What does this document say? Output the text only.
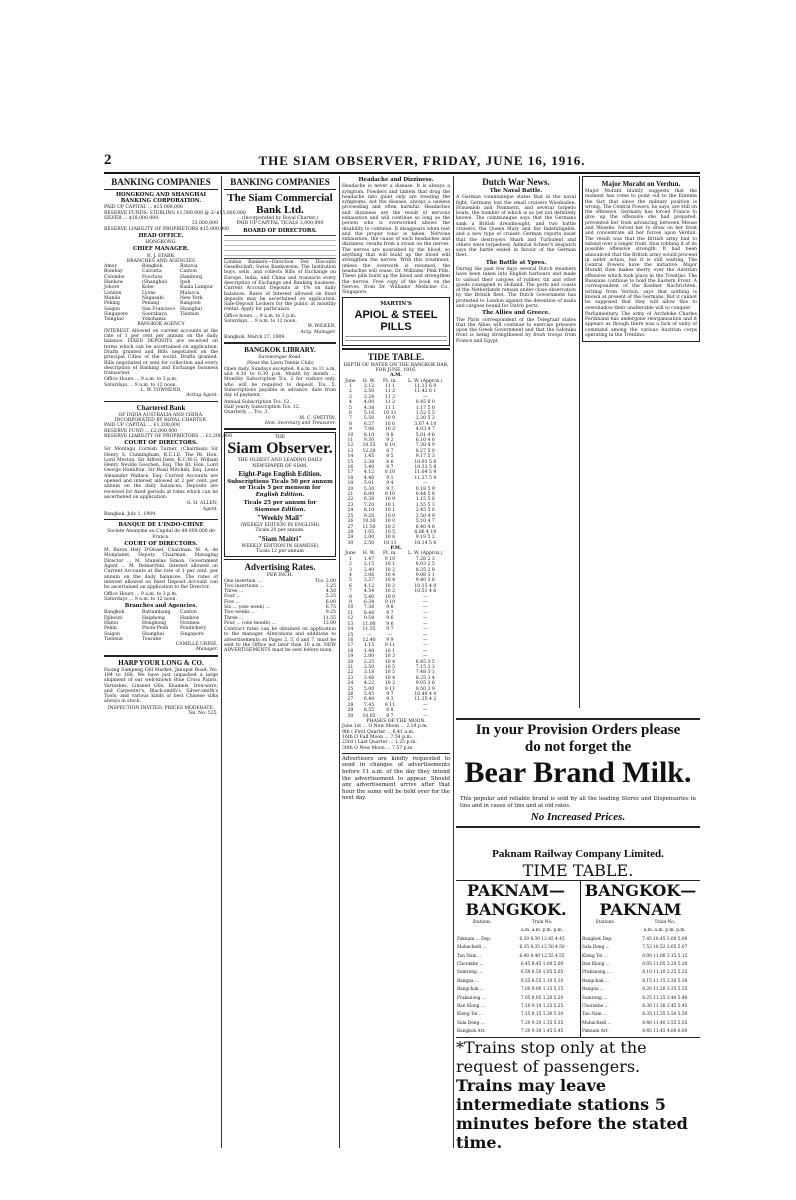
2	THE SIAM OBSERVER, FRIDAY, JUNE 16, 1916.
BANKING COMPANIES
HONGKONG AND SHANGHAI BANKING CORPORATION.
PAID UP CAPITAL ... $15,000,000
RESERVE FUNDS: STERLING £1,500,000 @ 2/-$15,000,000
SILVER ... $18,000,000
33,000,000
RESERVE LIABILITY OF PROPRIETORS $15,000,000
HEAD OFFICE.
HONGKONG.
CHIEF MANAGER.
N. J. STABB.
BRANCHES AND AGENCIES
Amoy	Bangkok	Batavia
Bombay	Calcutta	Canton
Colombo	Foochow	Hamburg
Hankow	(Shanghai)	Ipoh
Johore	Kobe	Kuala Lumpur
London	Lyons	Malacca
Manila	Nagasaki	New York
Peking	Penang	Rangoon
Saigon	San Francisco	Shanghai
Singapore	Sourabaya	Tientsin
Tsingtao	Yokohama
BANGKOK AGENCY
INTEREST Allowed on current accounts at the rate of 1 per cent per annum on the daily balance. FIXED DEPOSITS are received on terms which can be ascertained on application. Drafts granted and Bills negotiated on the principal Cities of the world. Drafts granted. Bills negotiated or sent for collection and every description of Banking and Exchange business transacted.
Office Hours ... 9 a.m. to 3 p.m.
Saturdays ... 9 a.m. to 12 noon.
L. W. TOWNEND,
Acting Agent.
Chartered Bank
OF INDIA AUSTRALIA AND CHINA.
INCORPORATED BY ROYAL CHARTER.
PAID UP CAPITAL ... £1,200,000
RESERVE FUND ... £2,000,000
RESERVE LIABILITY OF PROPRIETORS ... £1,200,000
COURT OF DIRECTORS.
Sir Montagu Cornish Turner, (Chairman) Sir Henry S. Cunningham, K.C.I.E. The Rt. Hon. Lord Meston. Sir Alfred Dent, K.C.M.G. William Henry Neville Goschen, Esq. The Rt. Hon. Lord George Hamilton. Sir Basil Mitchell, Esq. Lewis Alexander Wallace, Esq. Current Accounts are opened and interest allowed at 2 per cent. per annum on the daily balances. Deposits are received for fixed periods at rates which can be ascertained on application.
G. H. ALLEN,
Agent.
Bangkok, July 1, 1909.
BANQUE DE L'INDO-CHINE
Societe Anonyme au Capital de 48.000.000 de Francs.
COURT OF DIRECTORS.
M. Baron Hely D'Oissel, Chairman. M. A. de Monplanet, Deputy Chairman. Managing Director ... M. Stanislas Simon. Government Agent ... M. Demarrtini. Interest allowed on Current Accounts at the rate of 1 per cent. per annum on the daily balances. The rates of interest allowed on fixed Deposit Account can be ascertained on application to the Director.
Office Hours ... 9 a.m. to 3 p.m.
Saturdays ... 9 a.m. to 12 noon.
Branches and Agencies.
Bangkok	Battambang	Canton
Djibouti	Haiphong	Hankow
Hanoi	Hongkong	Noumea
Pekin	Pnom-Penh	Pondichery
Saigon	Shanghai	Singapore
Tientsin	Tourane
CAMILLE URINE,
Manager.
HARP YOUR LONG & CO.
Facing Sampeng Old Market, Janupat Road, No. 184 to 188. We have just unpacked a large shipment of our well-known Blue Cross Paints, Varnishes, Linseed Oils, Enamels, Iron-ware, and Carpenter's, Black-smith's, Silver-smith's Tools, and various kinds of best Chinese silks always in stock.
INSPECTION INVITED. PRICES MODERATE.
Tel. No. 535.
BANKING COMPANIES
The Siam Commercial Bank Ltd.
(Incorporated by Royal Charter.)
PAID UP CAPITAL TICALS 3,000,000
BOARD OF DIRECTORS.
London Bankers—Direction Der Disconto Gesellschaft, Swiss Bankverein. The Institution buys, sells, and collects Bills of Exchange on Europe, India, and China and transacts every description of Exchange and Banking business. Current Account Deposits at 1% on daily balances. Rates of Interest allowed on fixed deposits may be ascertained on application. Safe-Deposit Lockers for the public at monthly rental. Apply for particulars.
Office hours ... 9 a.m. to 3 p.m.
Saturdays ... 9 a.m. to 12 noon.
W. WILKEN,
Actg. Manager.
Bangkok, March 27, 1909.
BANGKOK LIBRARY.
Surawongse Road.
(Near the Lawn Tennis Club)
Open daily, Sundays excepted, 8 a.m. to 11 a.m. and 4.30 to 6.30 p.m. Month by month ... Monthly Subscription Tcs. 2 for visitors only, who will be required to deposit Tcs. 5. Subscriptions payable in advance, date from day of payment.
Annual Subscription Tcs. 12.
Half yearly Subscription Tcs. 12.
Quarterly ... Tcs. 3.
M. C. SMITTIN,
Hon. Secretary and Treasurer.
THE
Siam Observer.
THE OLDEST AND LEADING DAILY NEWSPAPER OF SIAM.
Eight-Page English Edition.
Subscriptions Ticals 50 per annum or Ticals 5 per mensem for
English Edition.
Ticals 25 per annum for
Siamese Edition.
"Weekly Mail"
(WEEKLY EDITION IN ENGLISH)
Ticals 20 per annum.
"Siam Maitri"
WEEKLY EDITION IN SIAMESE)
Ticals 12 per annum
Advertising Rates.
PER INCH.
One insertion ...	Tcs. 2.00
Two insertions ...	3.25
Three ...	4.50
Four ...	5.25
Five ...	6.00
Six ... (one week) ...	6.75
Two weeks ...	9.25
Three ...	11.55
Four ... (one month) ...	13.00
Contract rates can be obtained on application to the manager. Alterations and additions to advertisements on Pages 2, 3, 6 and 7, must be sent to the Office not later than 10 a.m. NEW ADVERTISEMENTS must be sent before noon.
Headache and Dizziness.
Headache is never a disease. It is always a symptom. Powders and tablets that drug the headache into quiet only are treating the symptoms, not the disease, always a useless proceeding and often harmful. Headaches and dizziness are the result of nervous exhaustion and will continue so long as the person who is overworked allows the disability to continue. It disappears when rest and the proper tonic is taken. Nervous exhaustion, the cause of such headaches and dizziness, results from a strain on the nerves. The nerves are nourished by the blood, so anything that will build up the blood will strengthen the nerves. With this treatment, unless the overwork is resumed, the headaches will cease. Dr. Williams' Pink Pills. These pills build up the blood and strengthen the nerves. Free copy of the book on the Nerves, from Dr. Williams' Medicine Co., Singapore.
MARTIN'S
APIOL & STEEL PILLS
TIDE TABLE.
DEPTH OF WATER ON THE BANGKOK BAR.
FOR JUNE, 1916.
A.M.
June	H. W.	Ft. in.	L. W. (Approx.)
1	2.12	11 1	11.13 6 0
2	2.50	11 2	11.42 6 1
3	3.24	11 2	—
4	4.00	11 2	0.45 6 0
5	4.38	11 1	1.17 5 8
6	5.16	10 11	1.52 5 5
7	5.50	10 9	2.30 5 2
8	6.27	10 6	3.07 4 10
9	7.06	10 2	4.03 4 7
10	8.10	9 8	5.01 4 6
11	9.30	9 2	6.10 4 6
12	10.55	8 10	7.30 4 9
13	12.20	8 7	8.27 5 0
14	1.45	8 5	9.17 5 3
15	2.38	8 6	10.01 5 6
16	3.40	8 7	10.33 5 8
17	4.12	8 10	11.04 5 9
18	4.40	9 1	11.27 5 9
19	5.01	9 4	—
20	5.30	9 7	0.18 5 9
21	6.00	9 10	0.44 5 8
22	6.38	10 0	1.15 5 6
23	7.20	10 1	1.55 5 3
24	8.10	10 1	2.45 5 0
25	9.20	10 0	3.50 4 9
26	10.30	10 0	5.10 4 7
27	11.50	10 2	6.40 4 8
28	1.05	10 5	8.06 4 10
29	2.00	10 8	9.19 5 2
30	2.50	10 11	10.14 5 6
P.M.
June	H. W.	Ft. in.	L. W. (Approx.)
1	1.47	9 10	7.28 2 3
2	2.15	10 1	8.03 2 5
3	2.40	10 2	8.35 2 8
4	3.06	10 4	9.08 3 1
5	3.37	10 4	9.40 3 6
6	4.12	10 3	10.15 4 0
7	4.54	10 2	10.51 4 6
8	5.40	10 0	—
9	6.34	9 10	—
10	7.38	9 8	—
11	8.48	9 7	—
12	9.58	9 6	—
13	11.00	9 6	—
14	11.55	9 7	—
15	—	—	—
16	12.40	9 9	—
17	1.15	9 11	—
18	1.40	10 1	—
19	2.00	10 3	—
20	2.25	10 4	6.45 3 5
21	2.50	10 5	7.15 3 3
22	3.18	10 5	7.48 3 3
23	3.48	10 4	8.25 3 4
24	4.22	10 2	9.05 3 6
25	5.00	9 11	9.50 3 9
26	5.45	9 7	10.40 4 0
27	6.40	9 3	11.35 4 2
28	7.45	8 11	—
29	8.55	8 8	—
30	10.05	8 7	—
PHASES OF THE MOON.
June 1st ... O New Moon ... 2.19 p.m.
9th ( First Quarter ... 6.41 a.m.
16th O Full Moon ... 7.54 p.m.
23rd ) Last Quarter ... 1.25 p.m.
30th O New Moon ... 7.57 p.m.
Advertisers are kindly requested to send in changes of advertisements before 11 a.m. of the day they intend the advertisement to appear. Should any advertisement arrive after that hour the same will be held over for the next day.
Dutch War News.
The Naval Battle.
A German communique states that in the naval fight, Germany lost the small cruisers Wiesbaden, Frauenlob and Pommern, and several torpedo boats, the number of which is as yet not definitely known. The communique says that the Germans sank a British dreadnought, and two battle cruisers, the Queen Mary and the Indefatigable, and a new type of cruiser. German reports insist that the destroyers Shark and Turbulent and others were torpedoed. Admiral Scheer's despatch says the battle ended in favour of the German fleet.
The Battle at Ypres.
During the past few days several Dutch steamers have been taken into English harbours and made to unload their cargoes of rubber, tin and other goods consigned to Holland. The ports and coasts of the Netherlands remain under close observation by the British fleet. The Dutch Government has protested to London against the detention of mails and cargoes bound for Dutch ports.
The Allies and Greece.
The Paris correspondent of the Telegraaf states that the Allies will continue to exercise pressure upon the Greek Government and that the Salonika front is being strengthened by fresh troops from France and Egypt.
Major Moraht on Verdun.
Major Moraht bluntly suggests that the moment has come to point out to the Entente the fact that since the military position is wrong. The Central Powers, he says, are still on the offensive. Germany has forced France to give up the offensive she had prepared, prevented her from advancing between Meuse and Moselle, forced her to draw on her front and concentrate all her forces upon Verdun. The result was that the British army had to extend over a longer front, thus robbing it of its possible offensive strength. It had been announced that the British army would proceed in wider action, but it is still waiting. The Central Powers have the initiative. Major Moraht then makes merry over the Austrian offensive which took place in the Trentino. The Russians continue to hold the Eastern Front. A correspondent of the Koelner Nachrichten, writing from Verdun, says that nothing is known at present of the Germans. But it cannot be supposed that they will allow this to overshadow their unalterable will to conquer.
Parliamentary. The army of Archduke Charles Ferdinand has undergone reorganisation and it appears as though there was a lack of unity of command among the various Austrian corps operating in the Trentino.
In your Provision Orders please
do not forget the
Bear Brand Milk.
This popular and reliable brand is sold by all the leading Stores and Dispensaries in tins and in cases of tins and at old rates.
No Increased Prices.
Paknam Railway Company Limited.
TIME TABLE.
PAKNAM—BANGKOK.
Stations.	Train No.
	a.m. a.m. p.m. p.m.
Paknam ... Dep.	6.30 8.30 12.45 4.45
Mahachedi ...	6.35 8.35 12.50 4.50
Tan Nam ...	6.40 8.40 12.55 4.55
Chorakhe ...	6.45 8.45 1.00 5.00
Samrong ...	6.50 8.50 1.05 5.05
Bangna ...	6.55 8.55 1.10 5.10
Bangchak ...	7.00 9.00 1.15 5.15
Prakanong ...	7.05 9.05 1.20 5.20
Ban Klong ...	7.10 9.10 1.25 5.25
Klong Toi ...	7.15 9.15 1.30 5.30
Sala Deng ...	7.20 9.20 1.35 5.35
Bangkok Arr.	7.30 9.30 1.45 5.45
BANGKOK—PAKNAM
Stations.	Train No.
	a.m. a.m. p.m. p.m.
Bangkok Dep.	7.45 10.45 3.00 5.00
Sala Deng ...	7.53 10.52 3.05 5.07
Klong Toi ...	8.00 11.00 3.15 5.15
Ban Klong ...	8.05 11.05 3.20 5.20
Prakanong ...	8.10 11.10 3.25 5.25
Bangchak ...	8.15 11.15 3.30 5.30
Bangna ...	8.20 11.20 3.35 5.35
Samrong ...	8.25 11.25 3.40 5.40
Chorakhe ...	8.30 11.30 3.45 5.45
Tan Nam ...	8.35 11.35 3.50 5.50
Mahachedi ...	8.40 11.40 3.55 5.55
Paknam Arr.	8.45 11.45 4.00 6.00
*Trains stop only at the request of passengers.
Trains may leave intermediate stations 5 minutes before the stated time.
